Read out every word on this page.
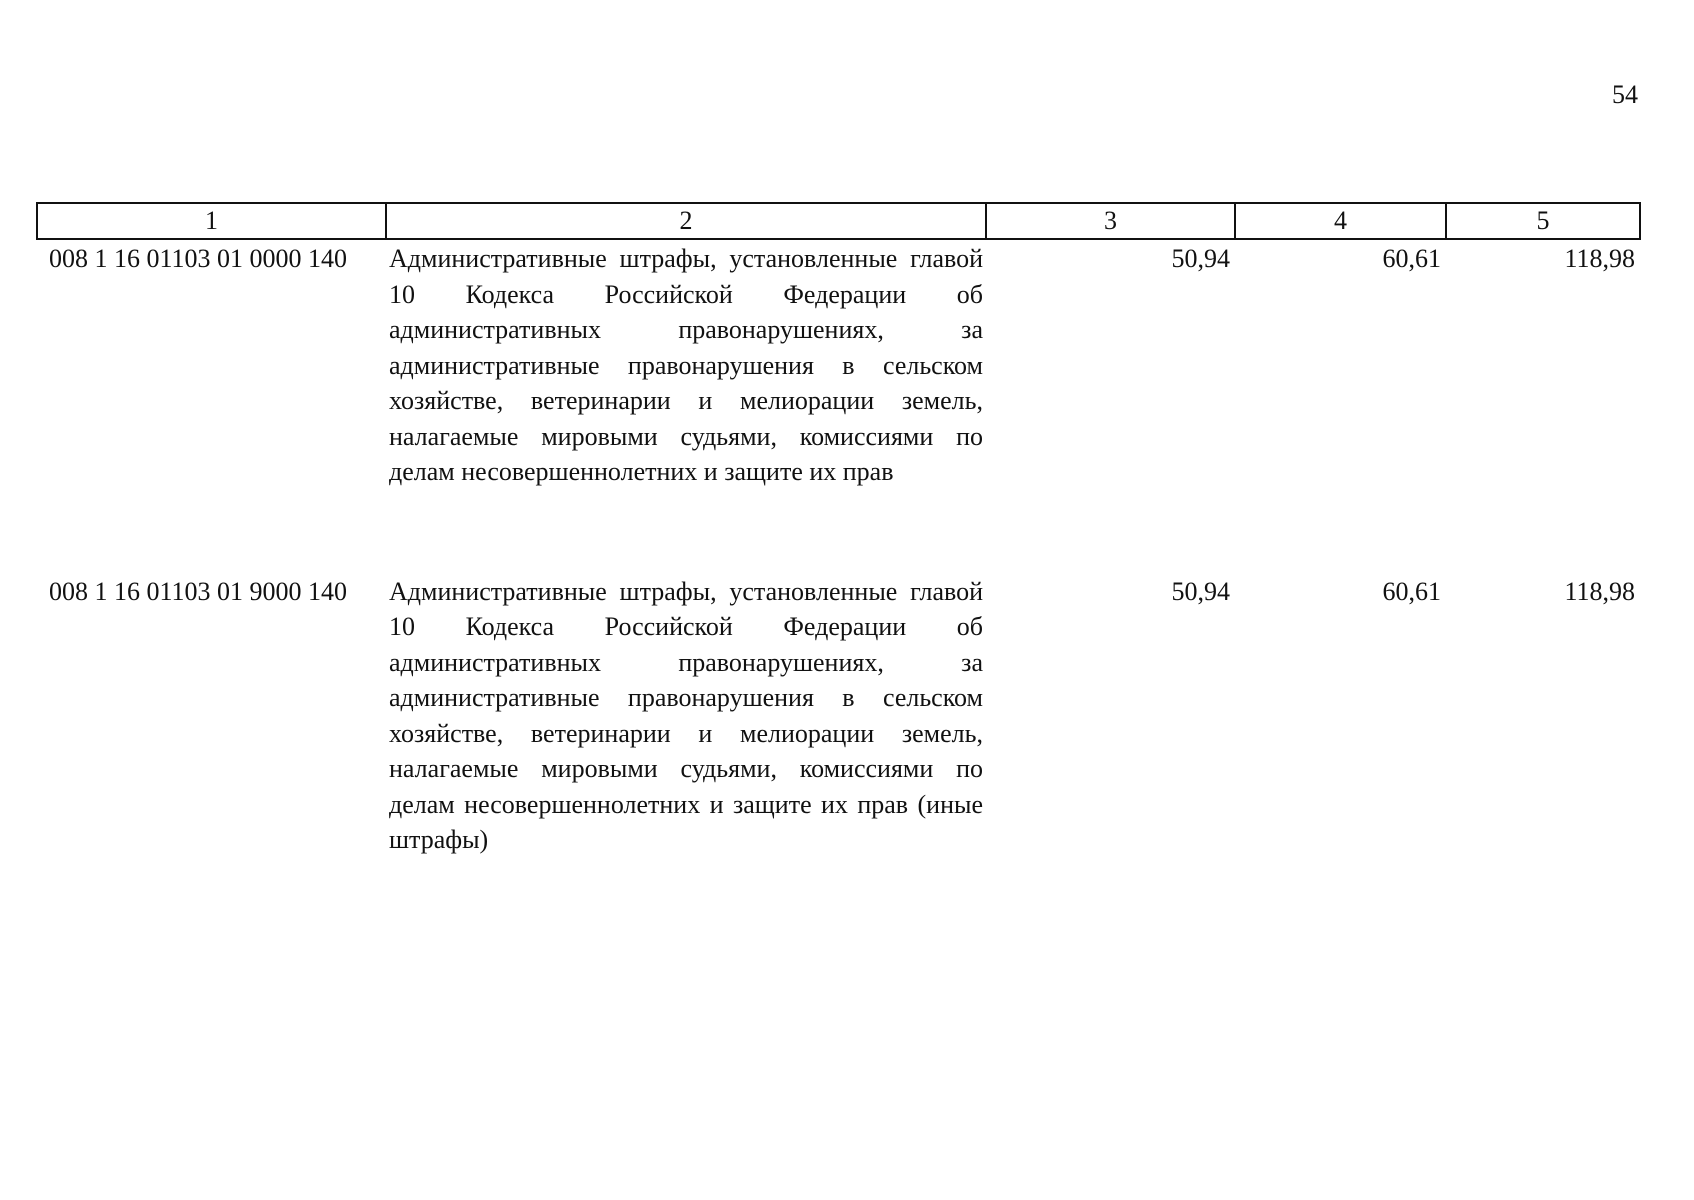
54
1	2	3	4	5
008 1 16 01103 01 0000 140	Административные штрафы, установленные главой 10 Кодекса Российской Федерации об административных правонарушениях, за административные правонарушения в сельском хозяйстве, ветеринарии и мелиорации земель, налагаемые мировыми судьями, комиссиями по делам несовершеннолетних и защите их прав	50,94	60,61	118,98
008 1 16 01103 01 9000 140	Административные штрафы, установленные главой 10 Кодекса Российской Федерации об административных правонарушениях, за административные правонарушения в сельском хозяйстве, ветеринарии и мелиорации земель, налагаемые мировыми судьями, комиссиями по делам несовершеннолетних и защите их прав (иные штрафы)	50,94	60,61	118,98
